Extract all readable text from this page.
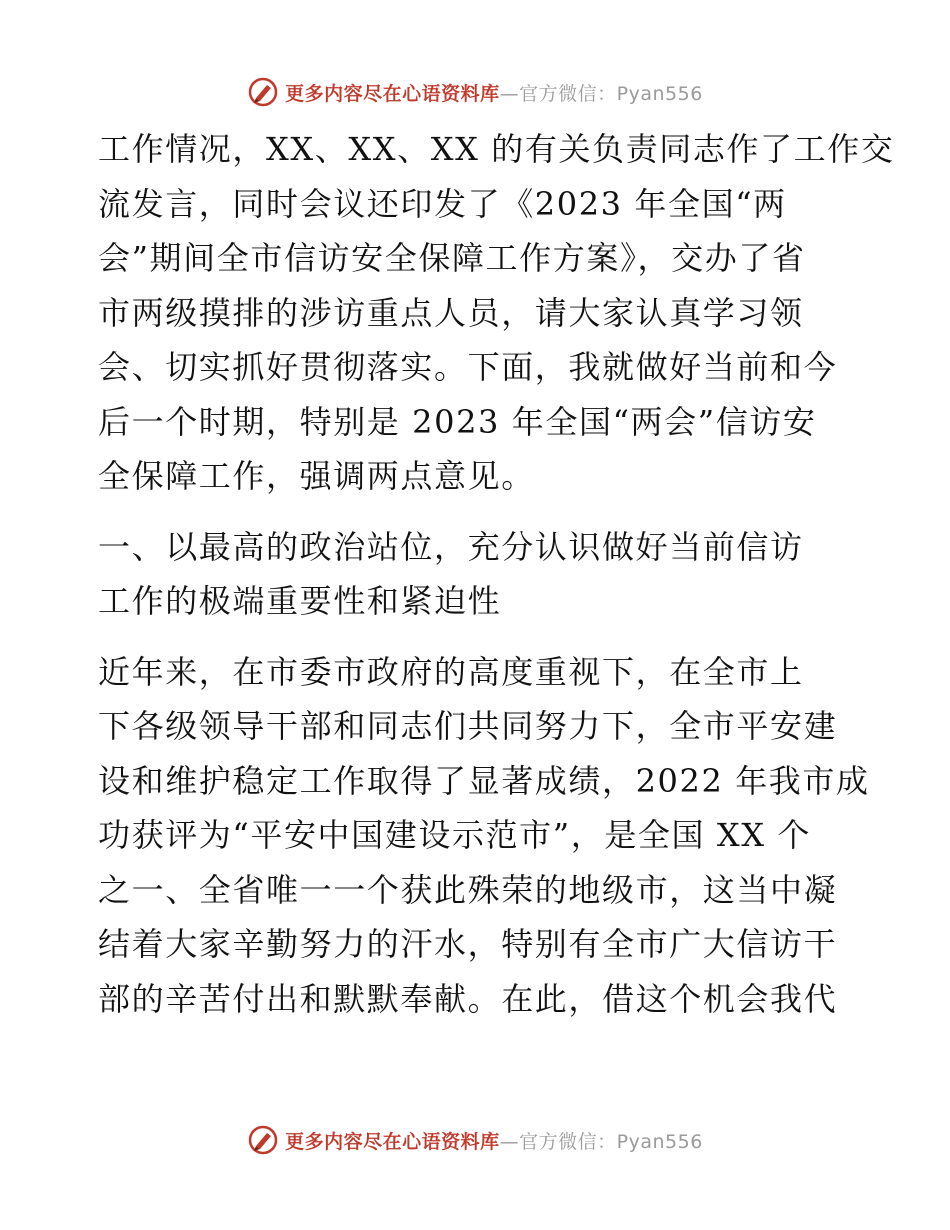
更多内容尽在心语资料库 —官方微信：Pyan556

工作情况，XX、XX、XX 的有关负责同志作了工作交
流发言，同时会议还印发了《2023 年全国“两
会”期间全市信访安全保障工作方案》，交办了省
市两级摸排的涉访重点人员，请大家认真学习领
会、切实抓好贯彻落实。下面，我就做好当前和今
后一个时期，特别是 2023 年全国“两会”信访安
全保障工作，强调两点意见。

一、以最高的政治站位，充分认识做好当前信访
工作的极端重要性和紧迫性

近年来，在市委市政府的高度重视下，在全市上
下各级领导干部和同志们共同努力下，全市平安建
设和维护稳定工作取得了显著成绩，2022 年我市成
功获评为“平安中国建设示范市”，是全国 XX 个
之一、全省唯一一个获此殊荣的地级市，这当中凝
结着大家辛勤努力的汗水，特别有全市广大信访干
部的辛苦付出和默默奉献。在此，借这个机会我代

更多内容尽在心语资料库 —官方微信：Pyan556
